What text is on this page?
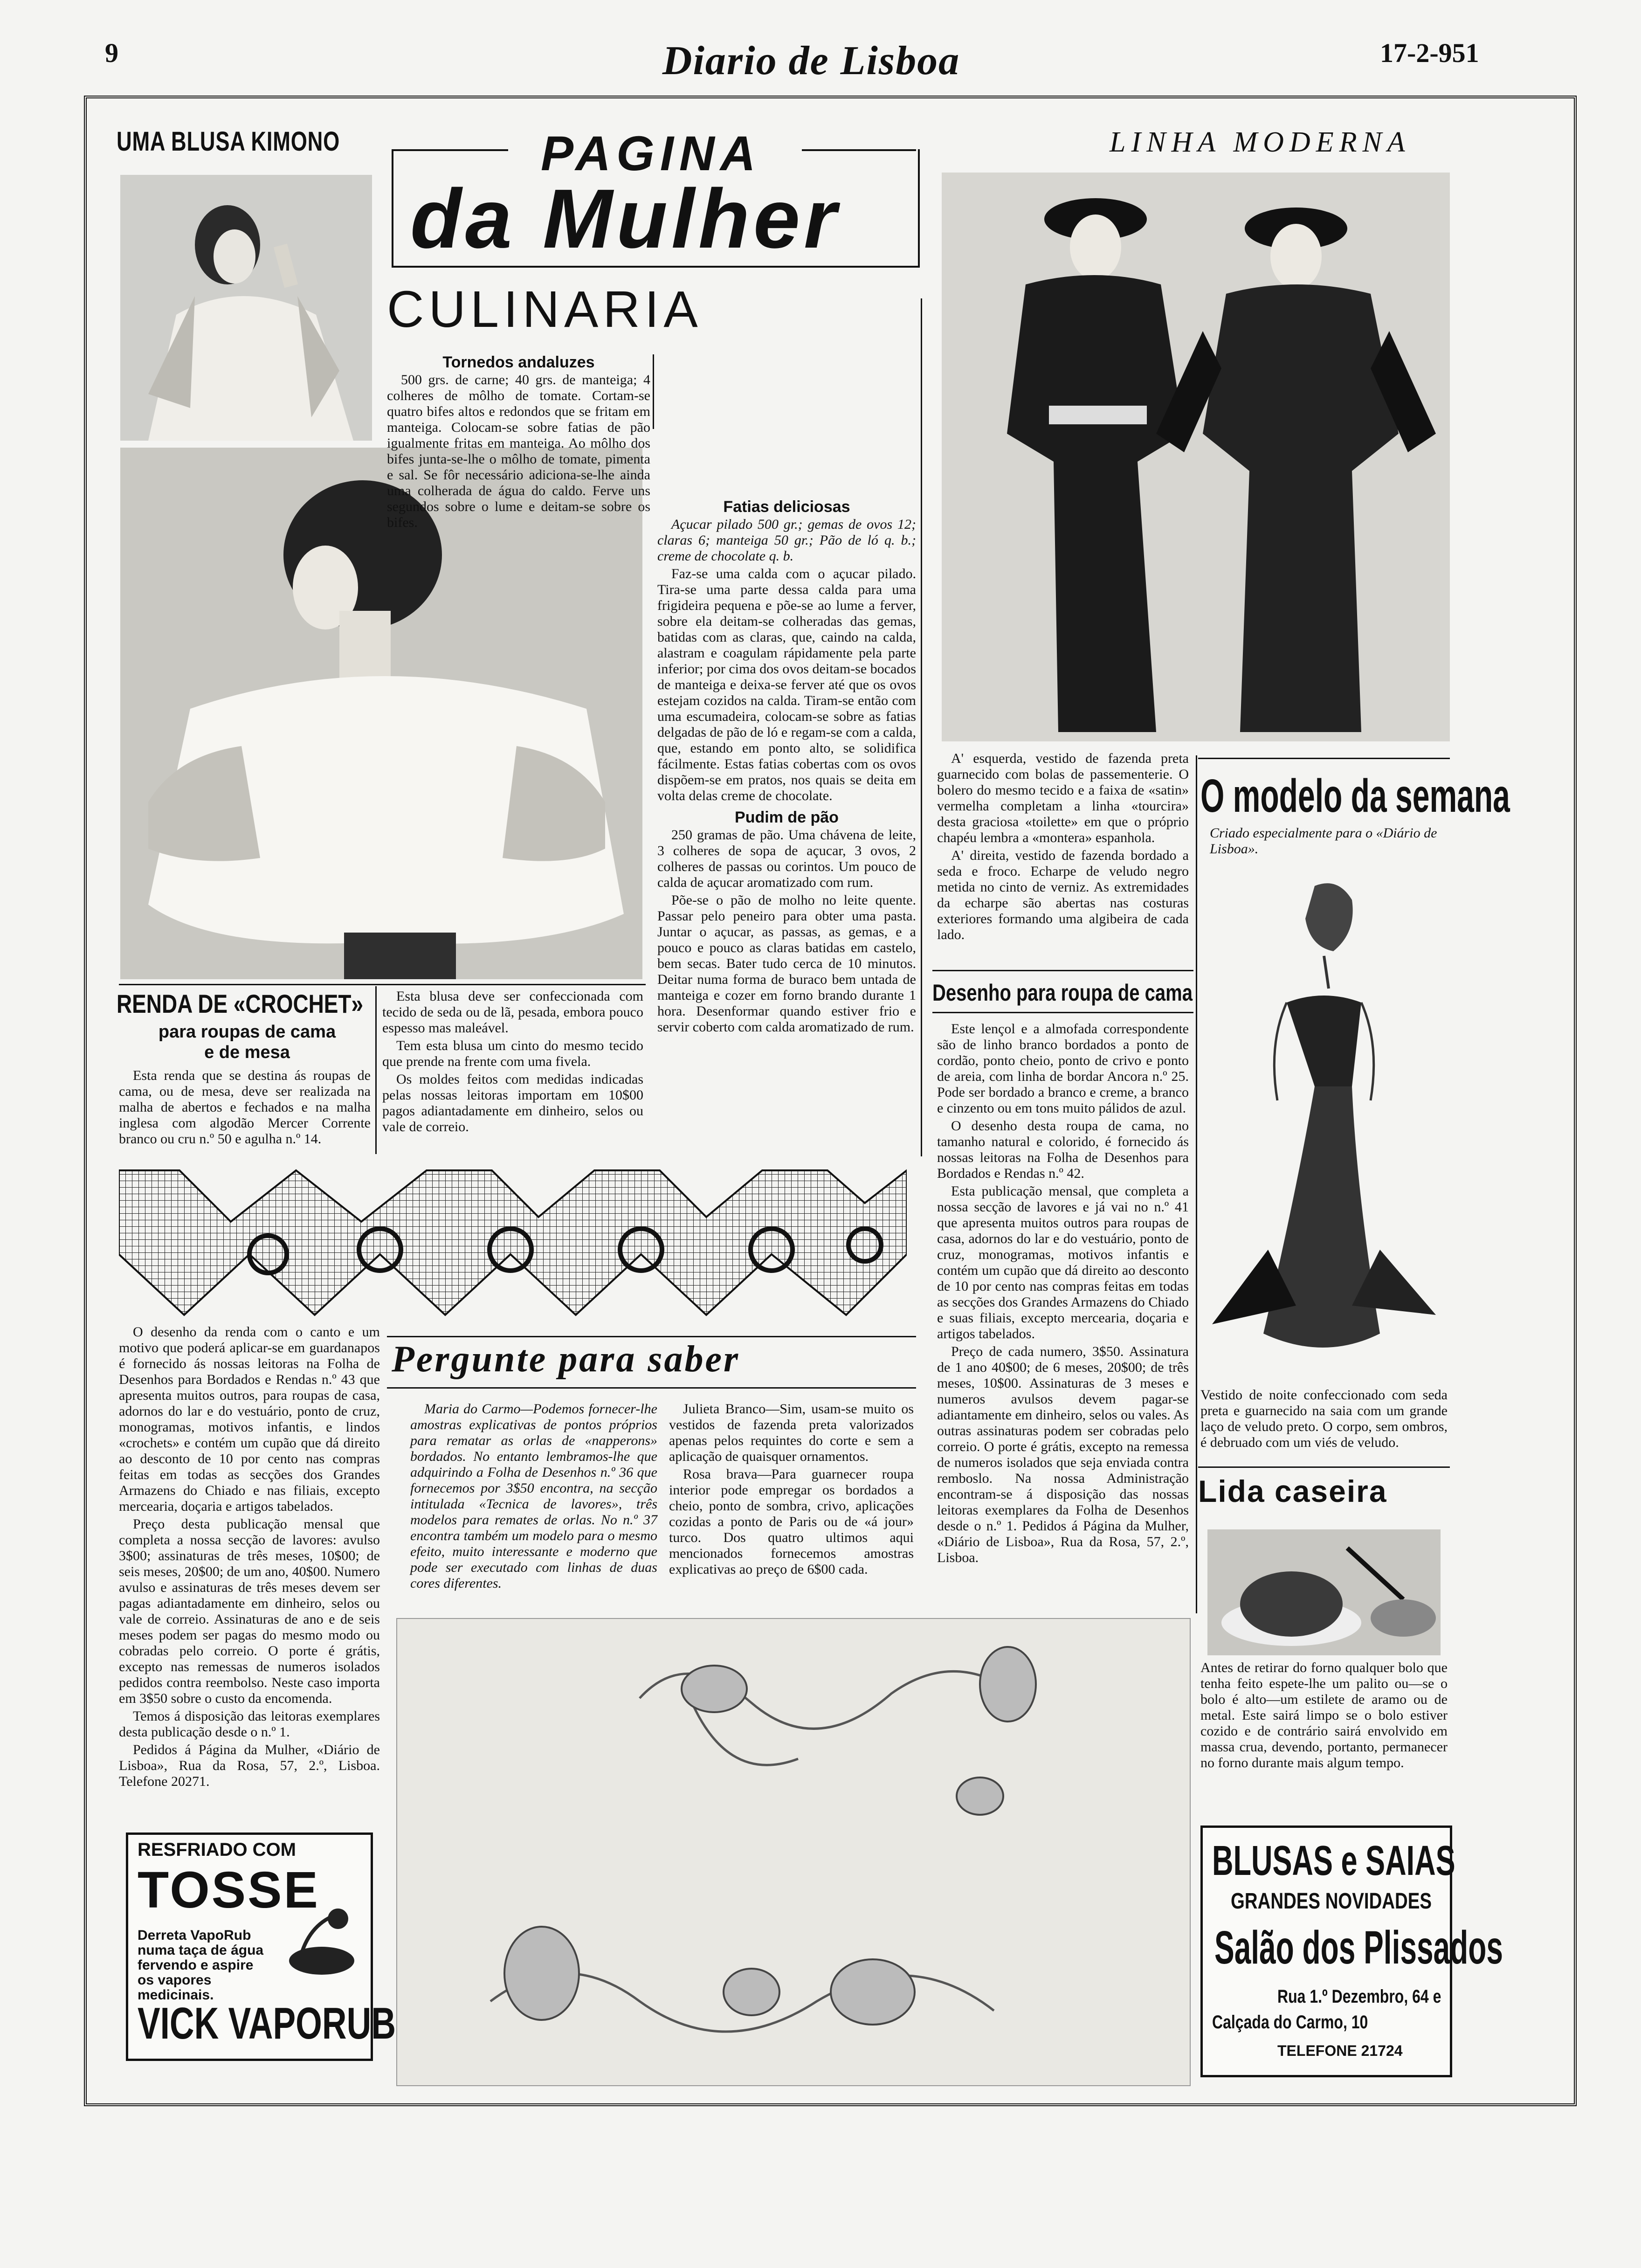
9	Diario de Lisboa	17-2-951
UMA BLUSA KIMONO
RENDA DE «CROCHET»
para roupas de cama e de mesa

Esta renda que se destina ás roupas de cama, ou de mesa, deve ser realizada na malha de abertos e fechados e na malha inglesa com algodão Mercer Corrente branco ou cru n.º 50 e agulha n.º 14.

Esta blusa deve ser confeccionada com tecido de seda ou de lã, pesada, embora pouco espesso mas maleável.

Tem esta blusa um cinto do mesmo tecido que prende na frente com uma fivela.

Os moldes feitos com medidas indicadas pelas nossas leitoras importam em 10$00 pagos adiantadamente em dinheiro, selos ou vale de correio.

O desenho da renda com o canto e um motivo que poderá aplicar-se em guardanapos é fornecido ás nossas leitoras na Folha de Desenhos para Bordados e Rendas n.º 43 que apresenta muitos outros, para roupas de casa, adornos do lar e do vestuário, ponto de cruz, monogramas, motivos infantis, e lindos «crochets» e contém um cupão que dá direito ao desconto de 10 por cento nas compras feitas em todas as secções dos Grandes Armazens do Chiado e nas filiais, excepto mercearia, doçaria e artigos tabelados.

Preço desta publicação mensal que completa a nossa secção de lavores: avulso 3$00; assinaturas de três meses, 10$00; de seis meses, 20$00; de um ano, 40$00. Numero avulso e assinaturas de três meses devem ser pagas adiantadamente em dinheiro, selos ou vale de correio. Assinaturas de ano e de seis meses podem ser pagas do mesmo modo ou cobradas pelo correio. O porte é grátis, excepto nas remessas de numeros isolados pedidos contra reembolso. Neste caso importa em 3$50 sobre o custo da encomenda.

Temos á disposição das leitoras exemplares desta publicação desde o n.º 1.

Pedidos á Página da Mulher, «Diário de Lisboa», Rua da Rosa, 57, 2.º, Lisboa. Telefone 20271.

RESFRIADO COM
TOSSE
Derreta VapoRub numa taça de água fervendo e aspire os vapores medicinais.
VICK VAPORUB
PAGINA
da Mulher
CULINARIA

Tornedos andaluzes

500 grs. de carne; 40 grs. de manteiga; 4 colheres de môlho de tomate. Cortam-se quatro bifes altos e redondos que se fritam em manteiga. Colocam-se sobre fatias de pão igualmente fritas em manteiga. Ao môlho dos bifes junta-se-lhe o môlho de tomate, pimenta e sal. Se fôr necessário adiciona-se-lhe ainda uma colherada de água do caldo. Ferve uns segundos sobre o lume e deitam-se sobre os bifes.

Fatias deliciosas

Açucar pilado 500 gr.; gemas de ovos 12; claras 6; manteiga 50 gr.; Pão de ló q. b.; creme de chocolate q. b.

Faz-se uma calda com o açucar pilado. Tira-se uma parte dessa calda para uma frigideira pequena e põe-se ao lume a ferver, sobre ela deitam-se colheradas das gemas, batidas com as claras, que, caindo na calda, alastram e coagulam rápidamente pela parte inferior; por cima dos ovos deitam-se bocados de manteiga e deixa-se ferver até que os ovos estejam cozidos na calda. Tiram-se então com uma escumadeira, colocam-se sobre as fatias delgadas de pão de ló e regam-se com a calda, que, estando em ponto alto, se solidifica fácilmente. Estas fatias cobertas com os ovos dispõem-se em pratos, nos quais se deita em volta delas creme de chocolate.

Pudim de pão

250 gramas de pão. Uma chávena de leite, 3 colheres de sopa de açucar, 3 ovos, 2 colheres de passas ou corintos. Um pouco de calda de açucar aromatizado com rum.

Põe-se o pão de molho no leite quente. Passar pelo peneiro para obter uma pasta. Juntar o açucar, as passas, as gemas, e a pouco e pouco as claras batidas em castelo, bem secas. Bater tudo cerca de 10 minutos. Deitar numa forma de buraco bem untada de manteiga e cozer em forno brando durante 1 hora. Desenformar quando estiver frio e servir coberto com calda aromatizado de rum.

Pergunte para saber

Maria do Carmo—Podemos fornecer-lhe amostras explicativas de pontos próprios para rematar as orlas de «napperons» bordados. No entanto lembramos-lhe que adquirindo a Folha de Desenhos n.º 36 que fornecemos por 3$50 encontra, na secção intitulada «Tecnica de lavores», três modelos para remates de orlas. No n.º 37 encontra também um modelo para o mesmo efeito, muito interessante e moderno que pode ser executado com linhas de duas cores diferentes.

Julieta Branco—Sim, usam-se muito os vestidos de fazenda preta valorizados apenas pelos requintes do corte e sem a aplicação de quaisquer ornamentos.

Rosa brava—Para guarnecer roupa interior pode empregar os bordados a cheio, ponto de sombra, crivo, aplicações cozidas a ponto de Paris ou de «á jour» turco. Dos quatro ultimos aqui mencionados fornecemos amostras explicativas ao preço de 6$00 cada.

LINHA MODERNA

A' esquerda, vestido de fazenda preta guarnecido com bolas de passementerie. O bolero do mesmo tecido e a faixa de «satin» vermelha completam a linha «tourcira» desta graciosa «toilette» em que o próprio chapéu lembra a «montera» espanhola.

A' direita, vestido de fazenda bordado a seda e froco. Echarpe de veludo negro metida no cinto de verniz. As extremidades da echarpe são abertas nas costuras exteriores formando uma algibeira de cada lado.

Desenho para roupa de cama

Este lençol e a almofada correspondente são de linho branco bordados a ponto de cordão, ponto cheio, ponto de crivo e ponto de areia, com linha de bordar Ancora n.º 25. Pode ser bordado a branco e creme, a branco e cinzento ou em tons muito pálidos de azul.

O desenho desta roupa de cama, no tamanho natural e colorido, é fornecido ás nossas leitoras na Folha de Desenhos para Bordados e Rendas n.º 42.

Esta publicação mensal, que completa a nossa secção de lavores e já vai no n.º 41 que apresenta muitos outros para roupas de casa, adornos do lar e do vestuário, ponto de cruz, monogramas, motivos infantis e contém um cupão que dá direito ao desconto de 10 por cento nas compras feitas em todas as secções dos Grandes Armazens do Chiado e suas filiais, excepto mercearia, doçaria e artigos tabelados.

Preço de cada numero, 3$50. Assinatura de 1 ano 40$00; de 6 meses, 20$00; de três meses, 10$00. Assinaturas de 3 meses e numeros avulsos devem pagar-se adiantamente em dinheiro, selos ou vales. As outras assinaturas podem ser cobradas pelo correio. O porte é grátis, excepto na remessa de numeros isolados que seja enviada contra remboslo. Na nossa Administração encontram-se á disposição das nossas leitoras exemplares da Folha de Desenhos desde o n.º 1. Pedidos á Página da Mulher, «Diário de Lisboa», Rua da Rosa, 57, 2.º, Lisboa.

O modelo da semana
Criado especialmente para o «Diário de Lisboa».
Vestido de noite confeccionado com seda preta e guarnecido na saia com um grande laço de veludo preto. O corpo, sem ombros, é debruado com um viés de veludo.
Lida caseira
Antes de retirar do forno qualquer bolo que tenha feito espete-lhe um palito ou—se o bolo é alto—um estilete de aramo ou de metal. Este sairá limpo se o bolo estiver cozido e de contrário sairá envolvido em massa crua, devendo, portanto, permanecer no forno durante mais algum tempo.
BLUSAS e SAIAS
GRANDES NOVIDADES
Salão dos Plissados
Rua 1.º Dezembro, 64 e
Calçada do Carmo, 10
TELEFONE 21724
